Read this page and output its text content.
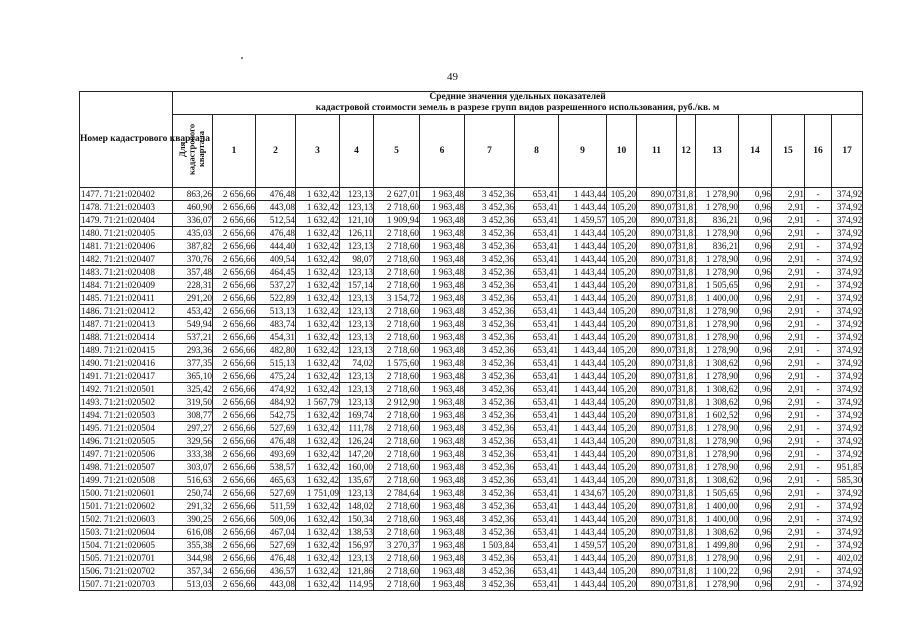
49
Номер кадастрового квартала	Средние значения удельных показателей
кадастровой стоимости земель в разрезе групп видов разрешенного использования, руб./кв. м																	

	Для кадастрового квартала	1	2	3	4	5	6	7	8	9	10	11	12	13	14	15	16	17
1477. 71:21:020402	863,26	2 656,66	476,48	1 632,42	123,13	2 627,01	1 963,48	3 452,36	653,41	1 443,44	105,20	890,07	31,81	1 278,90	0,96	2,91	-	374,92
1478. 71:21:020403	460,90	2 656,66	443,08	1 632,42	123,13	2 718,60	1 963,48	3 452,36	653,41	1 443,44	105,20	890,07	31,81	1 278,90	0,96	2,91	-	374,92
1479. 71:21:020404	336,07	2 656,66	512,54	1 632,42	121,10	1 909,94	1 963,48	3 452,36	653,41	1 459,57	105,20	890,07	31,81	836,21	0,96	2,91	-	374,92
1480. 71:21:020405	435,03	2 656,66	476,48	1 632,42	126,11	2 718,60	1 963,48	3 452,36	653,41	1 443,44	105,20	890,07	31,81	1 278,90	0,96	2,91	-	374,92
1481. 71:21:020406	387,82	2 656,66	444,40	1 632,42	123,13	2 718,60	1 963,48	3 452,36	653,41	1 443,44	105,20	890,07	31,81	836,21	0,96	2,91	-	374,92
1482. 71:21:020407	370,76	2 656,66	409,54	1 632,42	98,07	2 718,60	1 963,48	3 452,36	653,41	1 443,44	105,20	890,07	31,81	1 278,90	0,96	2,91	-	374,92
1483. 71:21:020408	357,48	2 656,66	464,45	1 632,42	123,13	2 718,60	1 963,48	3 452,36	653,41	1 443,44	105,20	890,07	31,81	1 278,90	0,96	2,91	-	374,92
1484. 71:21:020409	228,31	2 656,66	537,27	1 632,42	157,14	2 718,60	1 963,48	3 452,36	653,41	1 443,44	105,20	890,07	31,81	1 505,65	0,96	2,91	-	374,92
1485. 71:21:020411	291,20	2 656,66	522,89	1 632,42	123,13	3 154,72	1 963,48	3 452,36	653,41	1 443,44	105,20	890,07	31,81	1 400,00	0,96	2,91	-	374,92
1486. 71:21:020412	453,42	2 656,66	513,13	1 632,42	123,13	2 718,60	1 963,48	3 452,36	653,41	1 443,44	105,20	890,07	31,81	1 278,90	0,96	2,91	-	374,92
1487. 71:21:020413	549,94	2 656,66	483,74	1 632,42	123,13	2 718,60	1 963,48	3 452,36	653,41	1 443,44	105,20	890,07	31,81	1 278,90	0,96	2,91	-	374,92
1488. 71:21:020414	537,21	2 656,66	454,31	1 632,42	123,13	2 718,60	1 963,48	3 452,36	653,41	1 443,44	105,20	890,07	31,81	1 278,90	0,96	2,91	-	374,92
1489. 71:21:020415	293,36	2 656,66	482,80	1 632,42	123,13	2 718,60	1 963,48	3 452,36	653,41	1 443,44	105,20	890,07	31,81	1 278,90	0,96	2,91	-	374,92
1490. 71:21:020416	377,35	2 656,66	515,13	1 632,42	74,02	1 575,60	1 963,48	3 452,36	653,41	1 443,44	105,20	890,07	31,81	1 308,62	0,96	2,91	-	374,92
1491. 71:21:020417	365,10	2 656,66	475,24	1 632,42	123,13	2 718,60	1 963,48	3 452,36	653,41	1 443,44	105,20	890,07	31,81	1 278,90	0,96	2,91	-	374,92
1492. 71:21:020501	325,42	2 656,66	474,92	1 632,42	123,13	2 718,60	1 963,48	3 452,36	653,41	1 443,44	105,20	890,07	31,81	1 308,62	0,96	2,91	-	374,92
1493. 71:21:020502	319,50	2 656,66	484,92	1 567,79	123,13	2 912,90	1 963,48	3 452,36	653,41	1 443,44	105,20	890,07	31,81	1 308,62	0,96	2,91	-	374,92
1494. 71:21:020503	308,77	2 656,66	542,75	1 632,42	169,74	2 718,60	1 963,48	3 452,36	653,41	1 443,44	105,20	890,07	31,81	1 602,52	0,96	2,91	-	374,92
1495. 71:21:020504	297,27	2 656,66	527,69	1 632,42	111,78	2 718,60	1 963,48	3 452,36	653,41	1 443,44	105,20	890,07	31,81	1 278,90	0,96	2,91	-	374,92
1496. 71:21:020505	329,56	2 656,66	476,48	1 632,42	126,24	2 718,60	1 963,48	3 452,36	653,41	1 443,44	105,20	890,07	31,81	1 278,90	0,96	2,91	-	374,92
1497. 71:21:020506	333,38	2 656,66	493,69	1 632,42	147,20	2 718,60	1 963,48	3 452,36	653,41	1 443,44	105,20	890,07	31,81	1 278,90	0,96	2,91	-	374,92
1498. 71:21:020507	303,07	2 656,66	538,57	1 632,42	160,00	2 718,60	1 963,48	3 452,36	653,41	1 443,44	105,20	890,07	31,81	1 278,90	0,96	2,91	-	951,85
1499. 71:21:020508	516,63	2 656,66	465,63	1 632,42	135,67	2 718,60	1 963,48	3 452,36	653,41	1 443,44	105,20	890,07	31,81	1 308,62	0,96	2,91	-	585,30
1500. 71:21:020601	250,74	2 656,66	527,69	1 751,09	123,13	2 784,64	1 963,48	3 452,36	653,41	1 434,67	105,20	890,07	31,81	1 505,65	0,96	2,91	-	374,92
1501. 71:21:020602	291,32	2 656,66	511,59	1 632,42	148,02	2 718,60	1 963,48	3 452,36	653,41	1 443,44	105,20	890,07	31,81	1 400,00	0,96	2,91	-	374,92
1502. 71:21:020603	390,25	2 656,66	509,06	1 632,42	150,34	2 718,60	1 963,48	3 452,36	653,41	1 443,44	105,20	890,07	31,81	1 400,00	0,96	2,91	-	374,92
1503. 71:21:020604	616,08	2 656,66	467,04	1 632,42	138,53	2 718,60	1 963,48	3 452,36	653,41	1 443,44	105,20	890,07	31,81	1 308,62	0,96	2,91	-	374,92
1504. 71:21:020605	355,38	2 656,66	527,69	1 632,42	156,97	3 270,37	1 963,48	1 503,84	653,41	1 459,57	105,20	890,07	31,81	1 499,80	0,96	2,91	-	374,92
1505. 71:21:020701	344,98	2 656,66	476,48	1 632,42	123,13	2 718,60	1 963,48	3 452,36	653,41	1 443,44	105,20	890,07	31,81	1 278,90	0,96	2,91	-	402,02
1506. 71:21:020702	357,34	2 656,66	436,57	1 632,42	121,86	2 718,60	1 963,48	3 452,36	653,41	1 443,44	105,20	890,07	31,81	1 100,22	0,96	2,91	-	374,92
1507. 71:21:020703	513,03	2 656,66	443,08	1 632,42	114,95	2 718,60	1 963,48	3 452,36	653,41	1 443,44	105,20	890,07	31,81	1 278,90	0,96	2,91	-	374,92
